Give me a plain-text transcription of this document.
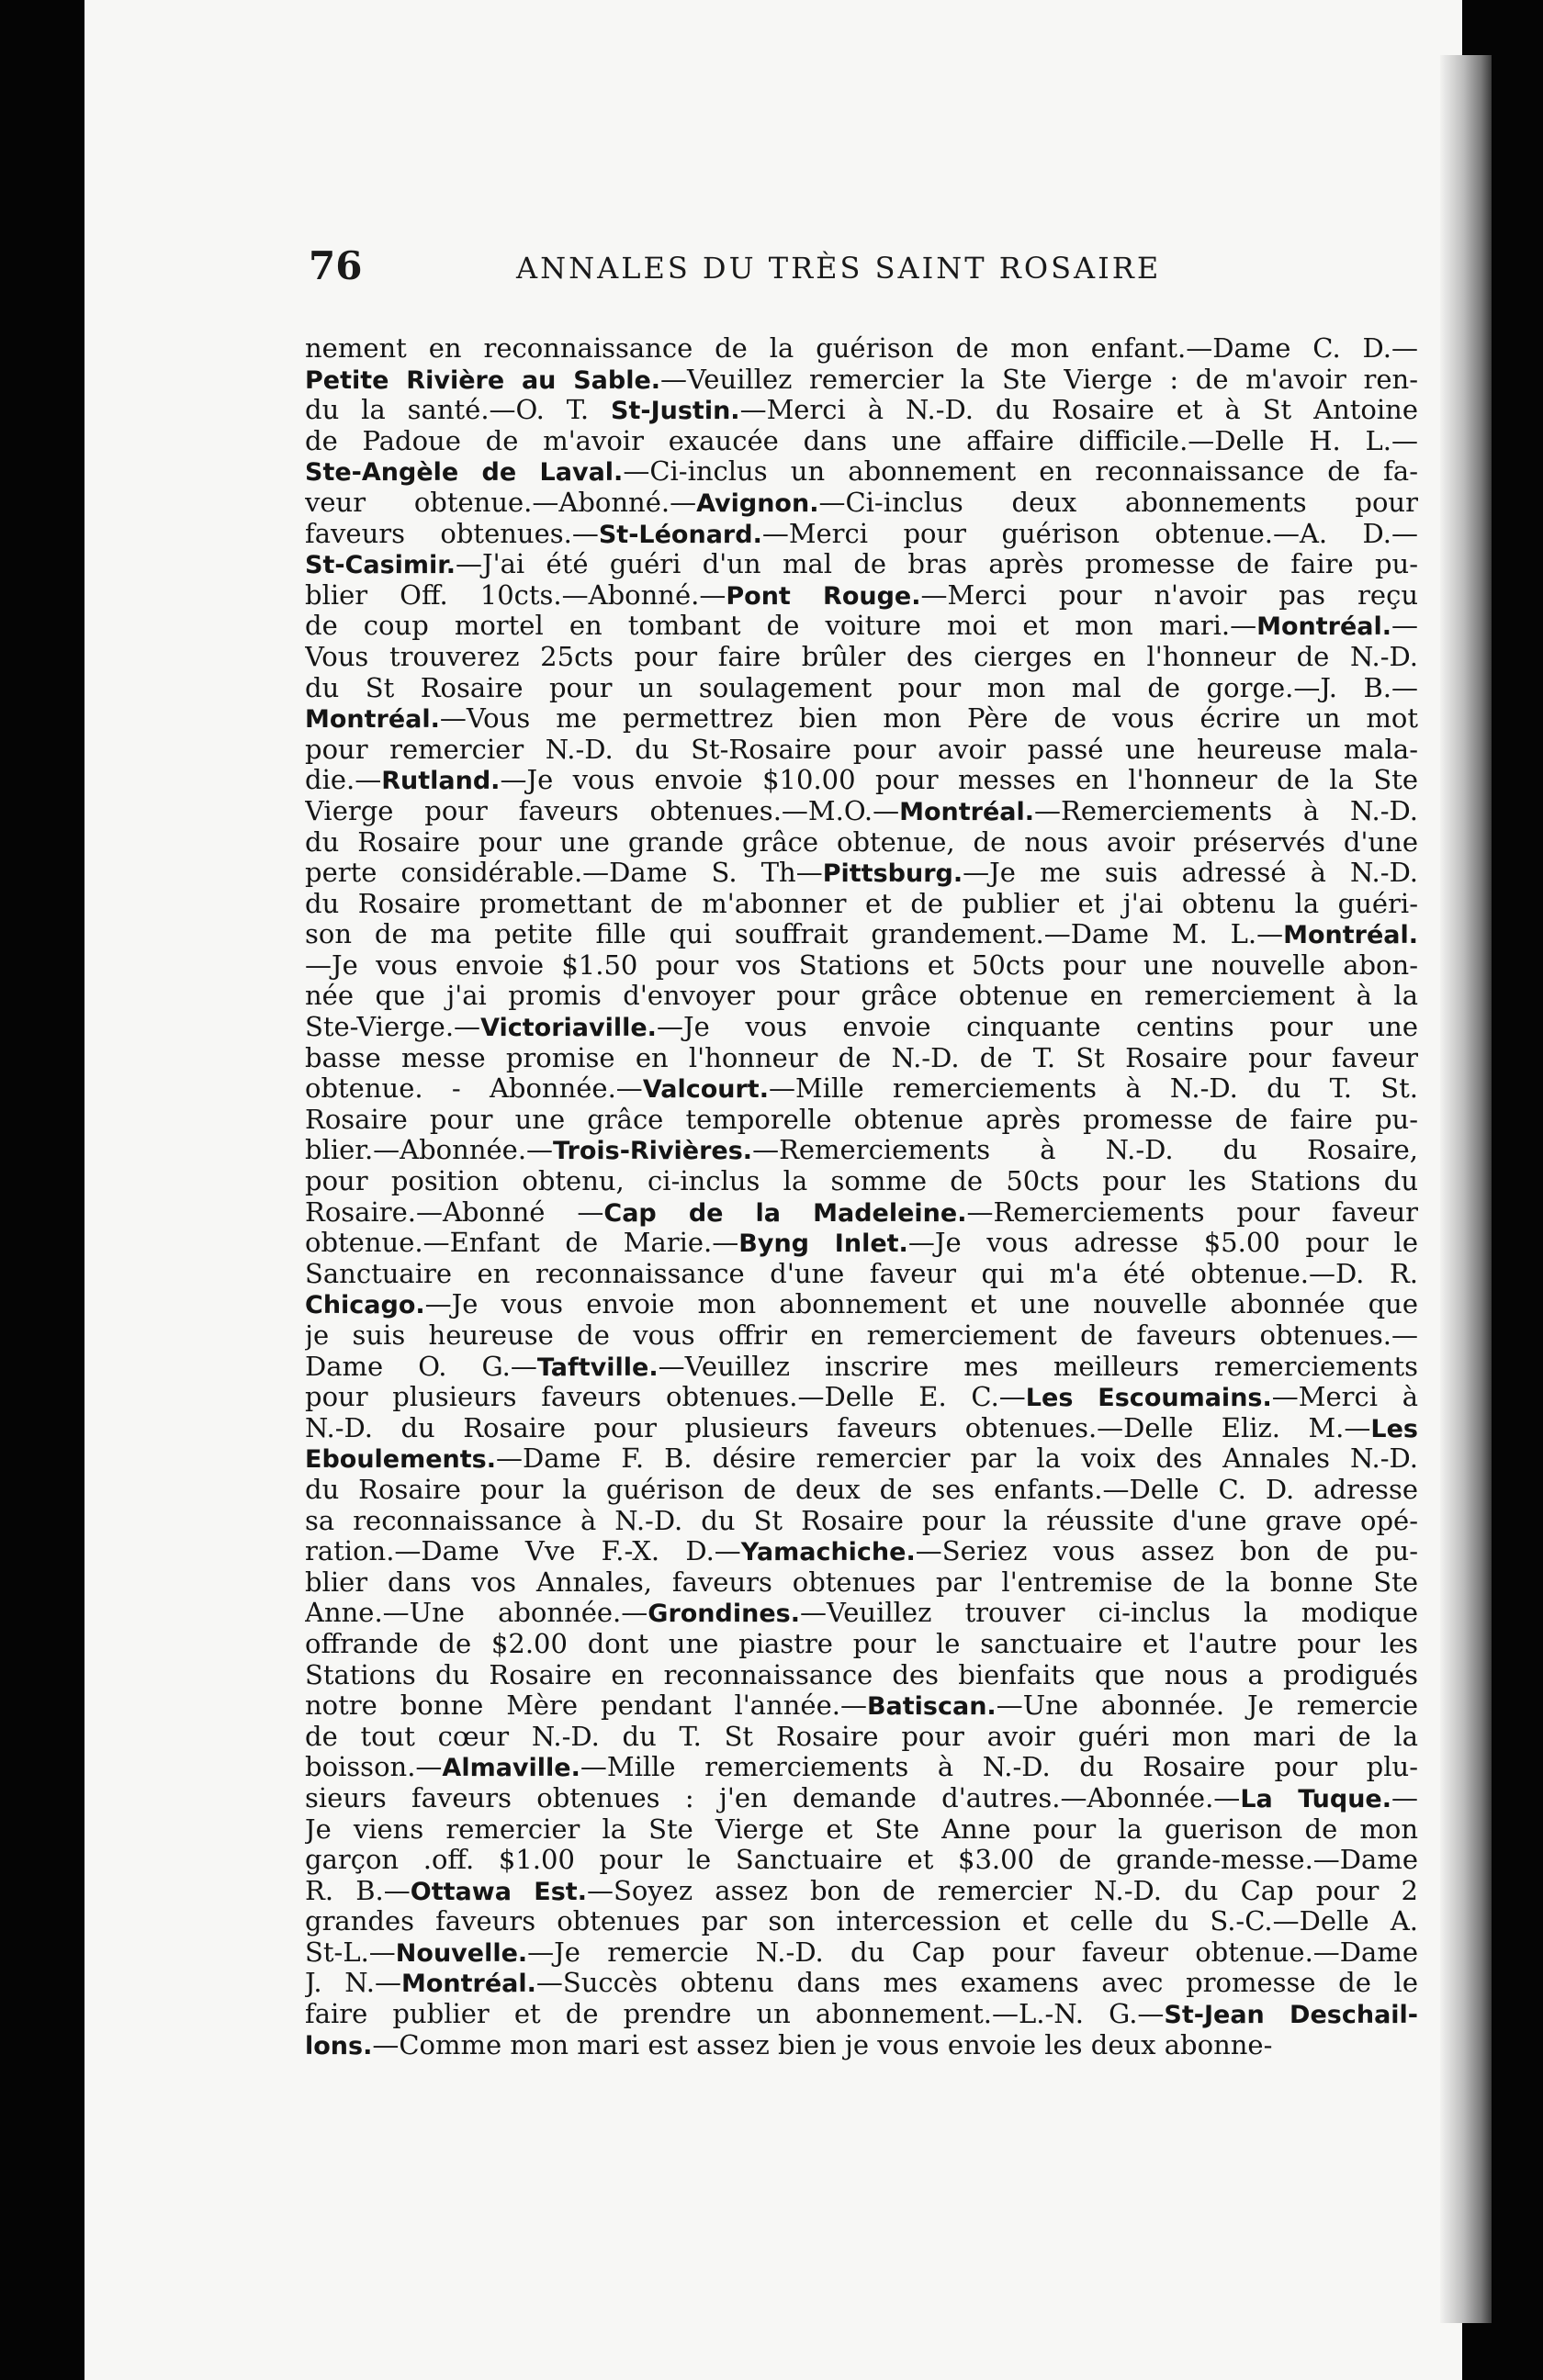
76	ANNALES DU TRÈS SAINT ROSAIRE
nement en reconnaissance de la guérison de mon enfant.—Dame C. D.—
Petite Rivière au Sable.—Veuillez remercier la Ste Vierge : de m'avoir ren-
du la santé.—O. T. St-Justin.—Merci à N.-D. du Rosaire et à St Antoine
de Padoue de m'avoir exaucée dans une affaire difficile.—Delle H. L.—
Ste-Angèle de Laval.—Ci-inclus un abonnement en reconnaissance de fa-
veur obtenue.—Abonné.—Avignon.—Ci-inclus deux abonnements pour
faveurs obtenues.—St-Léonard.—Merci pour guérison obtenue.—A. D.—
St-Casimir.—J'ai été guéri d'un mal de bras après promesse de faire pu-
blier Off. 10cts.—Abonné.—Pont Rouge.—Merci pour n'avoir pas reçu
de coup mortel en tombant de voiture moi et mon mari.—Montréal.—
Vous trouverez 25cts pour faire brûler des cierges en l'honneur de N.-D.
du St Rosaire pour un soulagement pour mon mal de gorge.—J. B.—
Montréal.—Vous me permettrez bien mon Père de vous écrire un mot
pour remercier N.-D. du St-Rosaire pour avoir passé une heureuse mala-
die.—Rutland.—Je vous envoie $10.00 pour messes en l'honneur de la Ste
Vierge pour faveurs obtenues.—M.O.—Montréal.—Remerciements à N.-D.
du Rosaire pour une grande grâce obtenue, de nous avoir préservés d'une
perte considérable.—Dame S. Th—Pittsburg.—Je me suis adressé à N.-D.
du Rosaire promettant de m'abonner et de publier et j'ai obtenu la guéri-
son de ma petite fille qui souffrait grandement.—Dame M. L.—Montréal.
—Je vous envoie $1.50 pour vos Stations et 50cts pour une nouvelle abon-
née que j'ai promis d'envoyer pour grâce obtenue en remerciement à la
Ste-Vierge.—Victoriaville.—Je vous envoie cinquante centins pour une
basse messe promise en l'honneur de N.-D. de T. St Rosaire pour faveur
obtenue. - Abonnée.—Valcourt.—Mille remerciements à N.-D. du T. St.
Rosaire pour une grâce temporelle obtenue après promesse de faire pu-
blier.—Abonnée.—Trois-Rivières.—Remerciements à N.-D. du Rosaire,
pour position obtenu, ci-inclus la somme de 50cts pour les Stations du
Rosaire.—Abonné —Cap de la Madeleine.—Remerciements pour faveur
obtenue.—Enfant de Marie.—Byng Inlet.—Je vous adresse $5.00 pour le
Sanctuaire en reconnaissance d'une faveur qui m'a été obtenue.—D. R.
Chicago.—Je vous envoie mon abonnement et une nouvelle abonnée que
je suis heureuse de vous offrir en remerciement de faveurs obtenues.—
Dame O. G.—Taftville.—Veuillez inscrire mes meilleurs remerciements
pour plusieurs faveurs obtenues.—Delle E. C.—Les Escoumains.—Merci à
N.-D. du Rosaire pour plusieurs faveurs obtenues.—Delle Eliz. M.—Les
Eboulements.—Dame F. B. désire remercier par la voix des Annales N.-D.
du Rosaire pour la guérison de deux de ses enfants.—Delle C. D. adresse
sa reconnaissance à N.-D. du St Rosaire pour la réussite d'une grave opé-
ration.—Dame Vve F.-X. D.—Yamachiche.—Seriez vous assez bon de pu-
blier dans vos Annales, faveurs obtenues par l'entremise de la bonne Ste
Anne.—Une abonnée.—Grondines.—Veuillez trouver ci-inclus la modique
offrande de $2.00 dont une piastre pour le sanctuaire et l'autre pour les
Stations du Rosaire en reconnaissance des bienfaits que nous a prodigués
notre bonne Mère pendant l'année.—Batiscan.—Une abonnée. Je remercie
de tout cœur N.-D. du T. St Rosaire pour avoir guéri mon mari de la
boisson.—Almaville.—Mille remerciements à N.-D. du Rosaire pour plu-
sieurs faveurs obtenues : j'en demande d'autres.—Abonnée.—La Tuque.—
Je viens remercier la Ste Vierge et Ste Anne pour la guerison de mon
garçon .off. $1.00 pour le Sanctuaire et $3.00 de grande-messe.—Dame
R. B.—Ottawa Est.—Soyez assez bon de remercier N.-D. du Cap pour 2
grandes faveurs obtenues par son intercession et celle du S.-C.—Delle A.
St-L.—Nouvelle.—Je remercie N.-D. du Cap pour faveur obtenue.—Dame
J. N.—Montréal.—Succès obtenu dans mes examens avec promesse de le
faire publier et de prendre un abonnement.—L.-N. G.—St-Jean Deschail-
lons.—Comme mon mari est assez bien je vous envoie les deux abonne-
